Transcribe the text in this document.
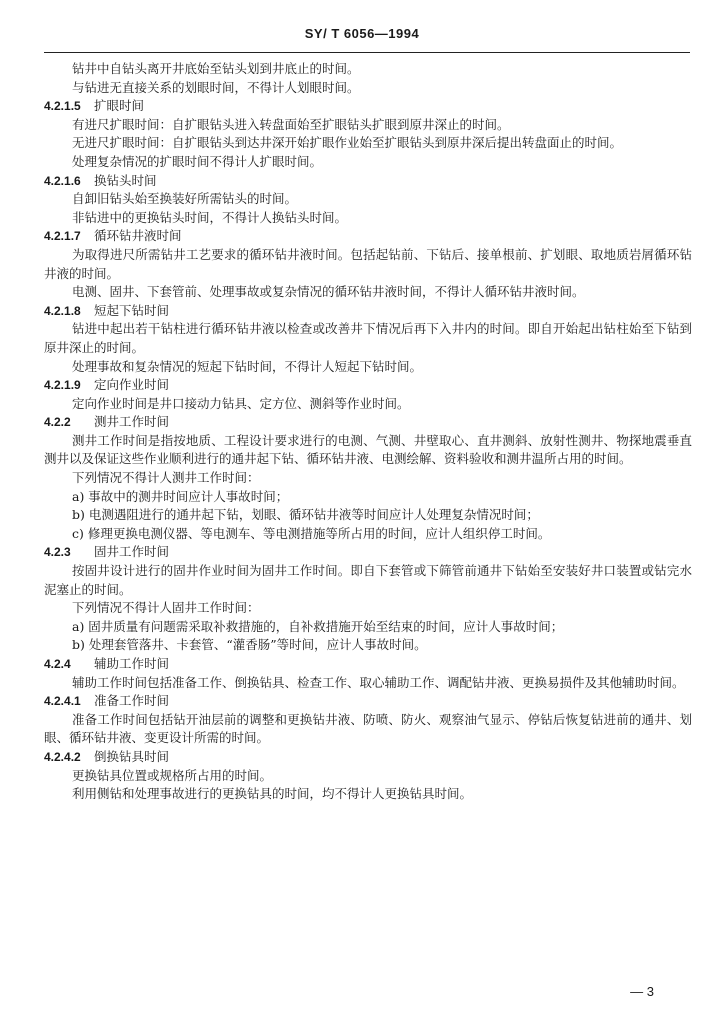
SY/ T 6056—1994

钻井中自钻头离开井底始至钻头划到井底止的时间。

与钻进无直接关系的划眼时间，不得计人划眼时间。

4.2.1.5 扩眼时间

有进尺扩眼时间：自扩眼钻头进入转盘面始至扩眼钻头扩眼到原井深止的时间。

无进尺扩眼时间：自扩眼钻头到达井深开始扩眼作业始至扩眼钻头到原井深后提出转盘面止的时间。

处理复杂情况的扩眼时间不得计人扩眼时间。

4.2.1.6 换钻头时间

自卸旧钻头始至换装好所需钻头的时间。

非钻进中的更换钻头时间，不得计人换钻头时间。

4.2.1.7 循环钻井液时间

为取得进尺所需钻井工艺要求的循环钻井液时间。包括起钻前、下钻后、接单根前、扩划眼、取地质岩屑循环钻井液的时间。

电测、固井、下套管前、处理事故或复杂情况的循环钻井液时间，不得计人循环钻井液时间。

4.2.1.8 短起下钻时间

钻进中起出若干钻柱进行循环钻井液以检查或改善井下情况后再下入井内的时间。即自开始起出钻柱始至下钻到原井深止的时间。

处理事故和复杂情况的短起下钻时间，不得计人短起下钻时间。

4.2.1.9 定向作业时间

定向作业时间是井口接动力钻具、定方位、测斜等作业时间。

4.2.2 测井工作时间

测井工作时间是指按地质、工程设计要求进行的电测、气测、井壁取心、直井测斜、放射性测井、物探地震垂直测井以及保证这些作业顺利进行的通井起下钻、循环钻井液、电测绘解、资料验收和测井温所占用的时间。

下列情况不得计人测井工作时间：

a) 事故中的测井时间应计人事故时间；

b) 电测遇阻进行的通井起下钻，划眼、循环钻井液等时间应计人处理复杂情况时间；

c) 修理更换电测仪器、等电测车、等电测措施等所占用的时间，应计人组织停工时间。

4.2.3 固井工作时间

按固井设计进行的固井作业时间为固井工作时间。即自下套管或下筛管前通井下钻始至安装好井口装置或钻完水泥塞止的时间。

下列情况不得计人固井工作时间：

a) 固井质量有问题需采取补救措施的，自补救措施开始至结束的时间，应计人事故时间；

b) 处理套管落井、卡套管、“灌香肠”等时间，应计人事故时间。

4.2.4 辅助工作时间

辅助工作时间包括准备工作、倒换钻具、检查工作、取心辅助工作、调配钻井液、更换易损件及其他辅助时间。

4.2.4.1 准备工作时间

准备工作时间包括钻开油层前的调整和更换钻井液、防喷、防火、观察油气显示、停钻后恢复钻进前的通井、划眼、循环钻井液、变更设计所需的时间。

4.2.4.2 倒换钻具时间

更换钻具位置或规格所占用的时间。

利用侧钻和处理事故进行的更换钻具的时间，均不得计人更换钻具时间。

— 3
